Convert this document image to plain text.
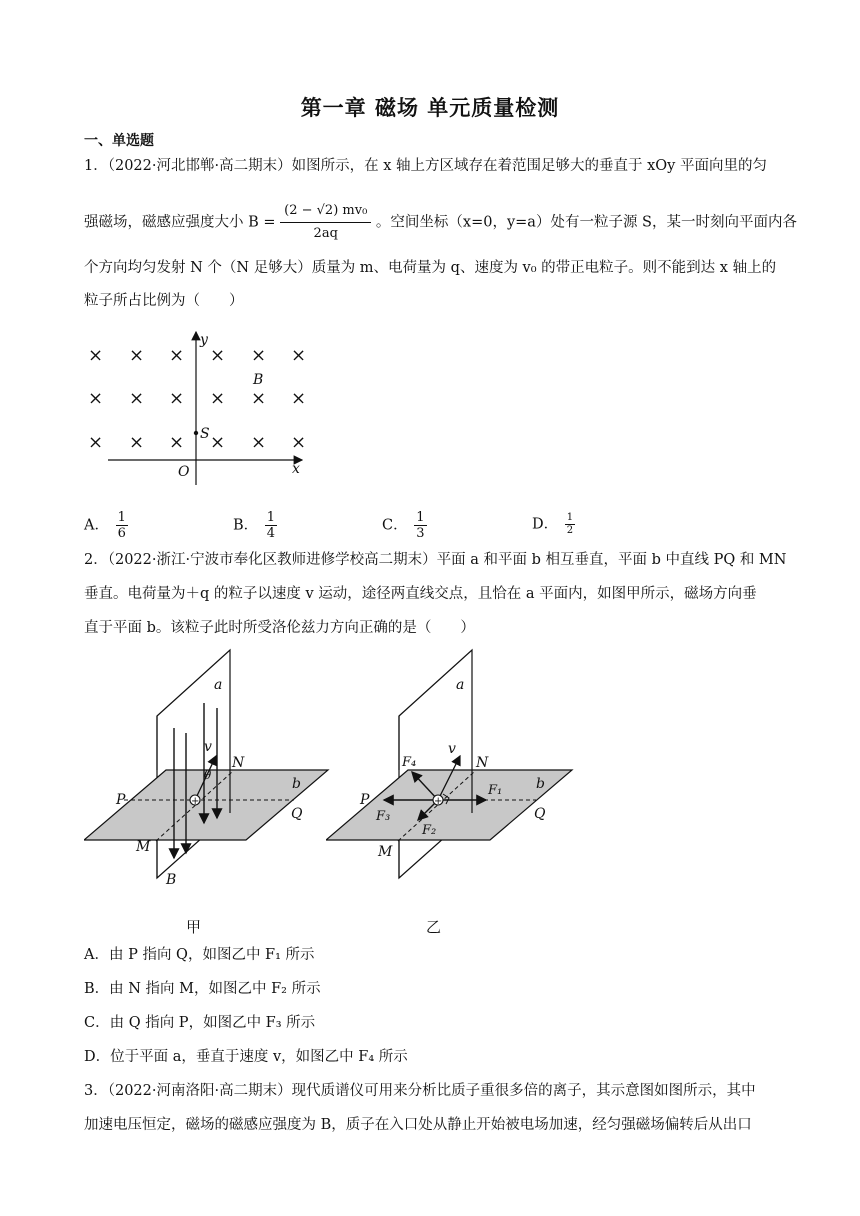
第一章 磁场 单元质量检测
一、单选题
1．（2022·河北邯郸·高二期末）如图所示，在 x 轴上方区域存在着范围足够大的垂直于 xOy 平面向里的匀
强磁场，磁感应强度大小 $B = \frac{\text{(2 − √2) mv₀}}{2aq}$ 。空间坐标（x=0，y=a）处有一粒子源 S，某一时刻向平面内各
个方向均匀发射 N 个（N 足够大）质量为 m、电荷量为 q、速度为 v₀ 的带正电粒子。则不能到达 x 轴上的
粒子所占比例为（　　）
× × × × × ×
× × × × × ×
× × × × × ×
y
x
O
S
B
A． $\frac{1}{6}$	B． $\frac{1}{4}$	C． $\frac{1}{3}$	D． $\frac{1}{2}$
2．（2022·浙江·宁波市奉化区教师进修学校高二期末）平面 a 和平面 b 相互垂直，平面 b 中直线 PQ 和 MN
垂直。电荷量为＋q 的粒子以速度 v 运动，途径两直线交点，且恰在 a 平面内，如图甲所示，磁场方向垂
直于平面 b。该粒子此时所受洛伦兹力方向正确的是（　　）
+
a
b
P
Q
M
N
v
θ
B
甲
+
a
b
P
Q
M
N
v
F₁
F₂
F₃
F₄
乙
A．由 P 指向 Q，如图乙中 F₁ 所示
B．由 N 指向 M，如图乙中 F₂ 所示
C．由 Q 指向 P，如图乙中 F₃ 所示
D．位于平面 a，垂直于速度 v，如图乙中 F₄ 所示
3．（2022·河南洛阳·高二期末）现代质谱仪可用来分析比质子重很多倍的离子，其示意图如图所示，其中
加速电压恒定，磁场的磁感应强度为 B，质子在入口处从静止开始被电场加速，经匀强磁场偏转后从出口
